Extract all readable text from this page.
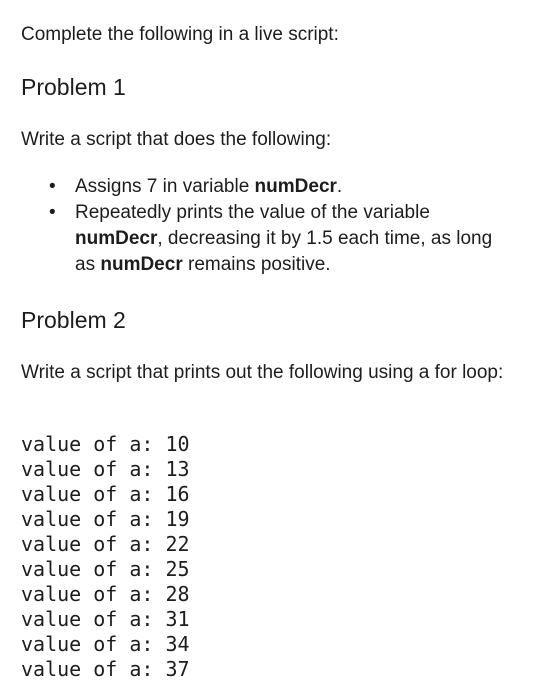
Complete the following in a live script:

Problem 1

Write a script that does the following:

• Assigns 7 in variable numDecr.
• Repeatedly prints the value of the variable numDecr, decreasing it by 1.5 each time, as long as numDecr remains positive.
Problem 2

Write a script that prints out the following using a for loop:

value of a: 10
value of a: 13
value of a: 16
value of a: 19
value of a: 22
value of a: 25
value of a: 28
value of a: 31
value of a: 34
value of a: 37
